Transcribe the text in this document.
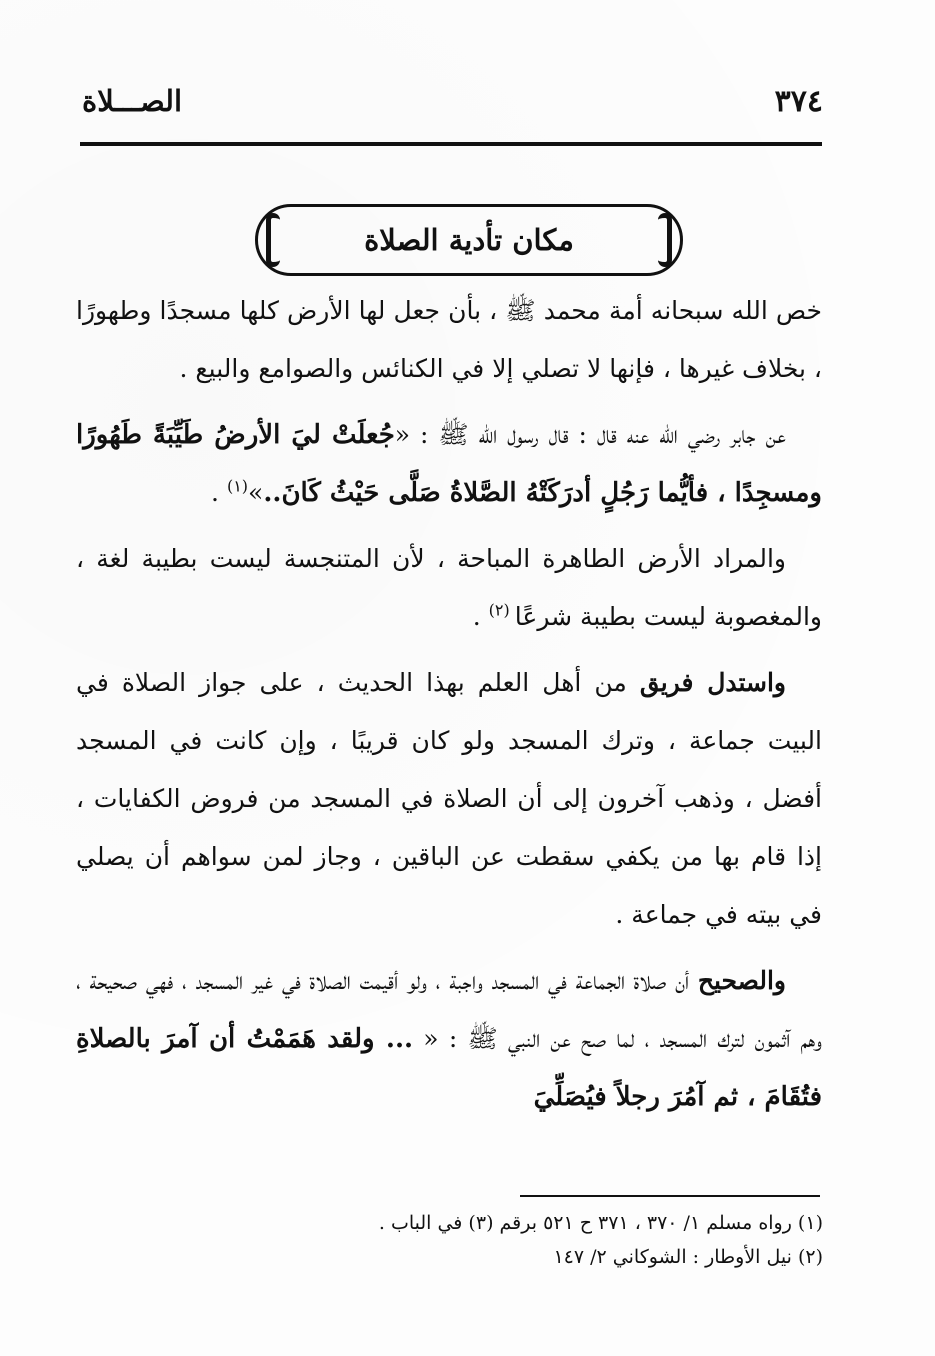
٣٧٤
الصـــلاة
مكان تأدية الصلاة

خص الله سبحانه أمة محمد ﷺ ، بأن جعل لها الأرض كلها مسجدًا وطهورًا ، بخلاف غيرها ، فإنها لا تصلي إلا في الكنائس والصوامع والبيع .

عن جابر رضي الله عنه قال : قال رسول الله ﷺ : «جُعلَتْ ليَ الأرضُ طَيِّبَةً طَهُورًا ومسجِدًا ، فأيُّما رَجُلٍ أدرَكَتْهُ الصَّلاةُ صَلَّى حَيْثُ كَانَ..»$^{(١)}$ .

والمراد الأرض الطاهرة المباحة ، لأن المتنجسة ليست بطيبة لغة ، والمغصوبة ليست بطيبة شرعًا $^{(٢)}$ .

واستدل فريق من أهل العلم بهذا الحديث ، على جواز الصلاة في البيت جماعة ، وترك المسجد ولو كان قريبًا ، وإن كانت في المسجد أفضل ، وذهب آخرون إلى أن الصلاة في المسجد من فروض الكفايات ، إذا قام بها من يكفي سقطت عن الباقين ، وجاز لمن سواهم أن يصلي في بيته في جماعة .

والصحيح أن صلاة الجماعة في المسجد واجبة ، ولو أقيمت الصلاة في غير المسجد ، فهي صحيحة ، وهم آثمون لترك المسجد ، لما صح عن النبي ﷺ : « ... ولقد هَمَمْتُ أن آمرَ بالصلاةِ فتُقَامَ ، ثم آمُرَ رجلاً فيُصَلِّيَ

(١) رواه مسلم ١/ ٣٧٠ ، ٣٧١ ح ٥٢١ برقم (٣) في الباب .

(٢) نيل الأوطار : الشوكاني ٢/ ١٤٧
